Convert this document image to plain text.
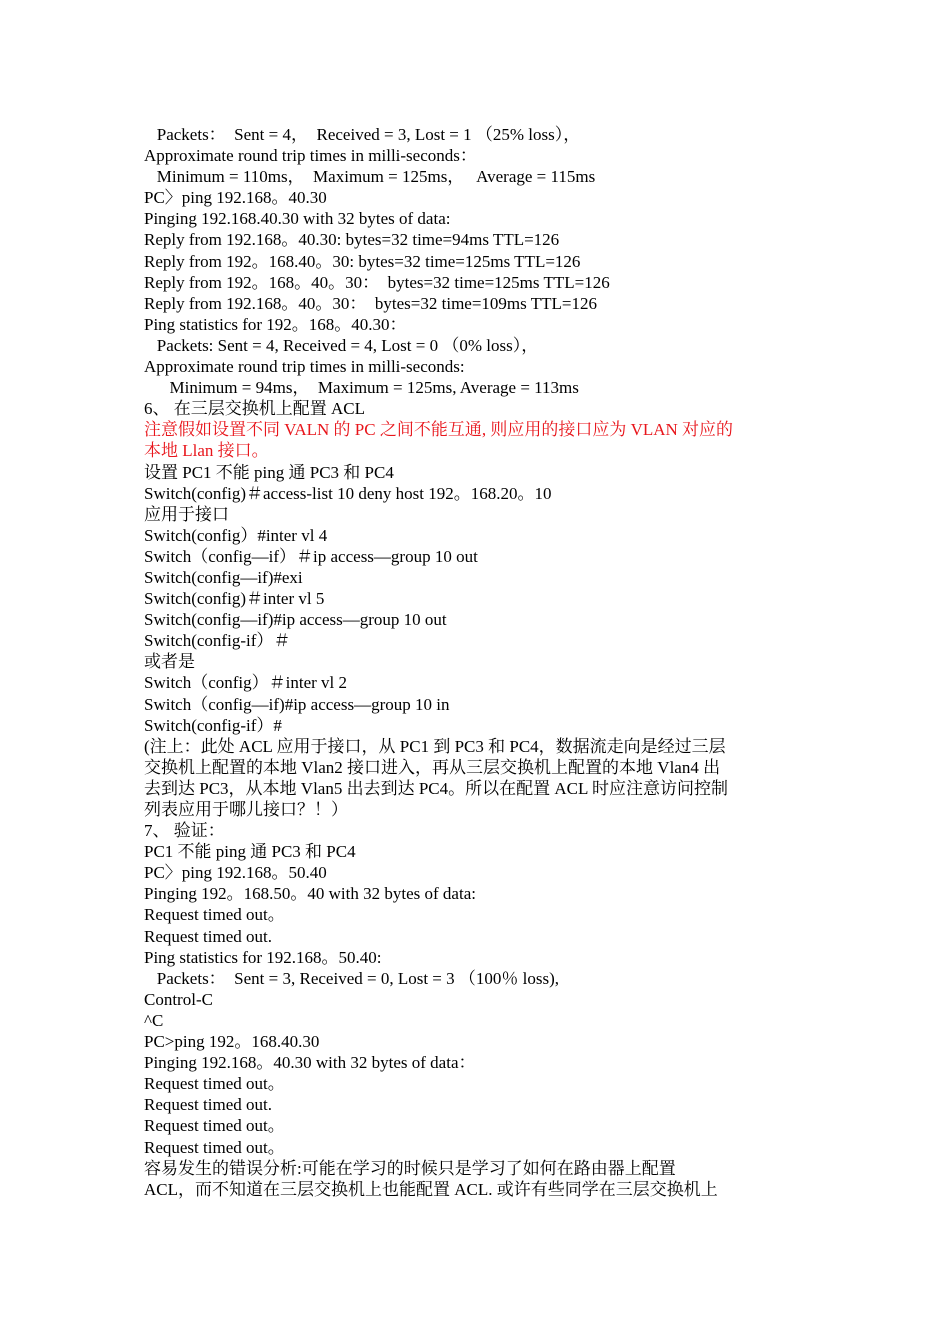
Packets：  Sent = 4，  Received = 3, Lost = 1 （25% loss），
Approximate round trip times in milli-seconds：
Minimum = 110ms，  Maximum = 125ms，   Average = 115ms
PC〉ping 192.168。40.30
Pinging 192.168.40.30 with 32 bytes of data:
Reply from 192.168。40.30: bytes=32 time=94ms TTL=126
Reply from 192。168.40。30: bytes=32 time=125ms TTL=126
Reply from 192。168。40。30：  bytes=32 time=125ms TTL=126
Reply from 192.168。40。30：  bytes=32 time=109ms TTL=126
Ping statistics for 192。168。40.30：
Packets: Sent = 4, Received = 4, Lost = 0 （0% loss），
Approximate round trip times in milli-seconds:
Minimum = 94ms，  Maximum = 125ms, Average = 113ms
6、 在三层交换机上配置 ACL
注意假如设置不同 VALN 的 PC 之间不能互通, 则应用的接口应为 VLAN 对应的
本地 Llan 接口。
设置 PC1 不能 ping 通 PC3 和 PC4
Switch(config)＃access-list 10 deny host 192。168.20。10
应用于接口
Switch(config）#inter vl 4
Switch（config—if）＃ip access—group 10 out
Switch(config—if)#exi
Switch(config)＃inter vl 5
Switch(config—if)#ip access—group 10 out
Switch(config-if）＃
或者是
Switch（config）＃inter vl 2
Switch（config—if)#ip access—group 10 in
Switch(config-if）#
(注上：此处 ACL 应用于接口，从 PC1 到 PC3 和 PC4，数据流走向是经过三层
交换机上配置的本地 Vlan2 接口进入，再从三层交换机上配置的本地 Vlan4 出
去到达 PC3，从本地 Vlan5 出去到达 PC4。所以在配置 ACL 时应注意访问控制
列表应用于哪儿接口？！）
7、 验证：
PC1 不能 ping 通 PC3 和 PC4
PC〉ping 192.168。50.40
Pinging 192。168.50。40 with 32 bytes of data:
Request timed out。
Request timed out.
Ping statistics for 192.168。50.40:
Packets：  Sent = 3, Received = 0, Lost = 3 （100％ loss),
Control-C
^C
PC>ping 192。168.40.30
Pinging 192.168。40.30 with 32 bytes of data：
Request timed out。
Request timed out.
Request timed out。
Request timed out。
容易发生的错误分析:可能在学习的时候只是学习了如何在路由器上配置
ACL，而不知道在三层交换机上也能配置 ACL. 或许有些同学在三层交换机上
